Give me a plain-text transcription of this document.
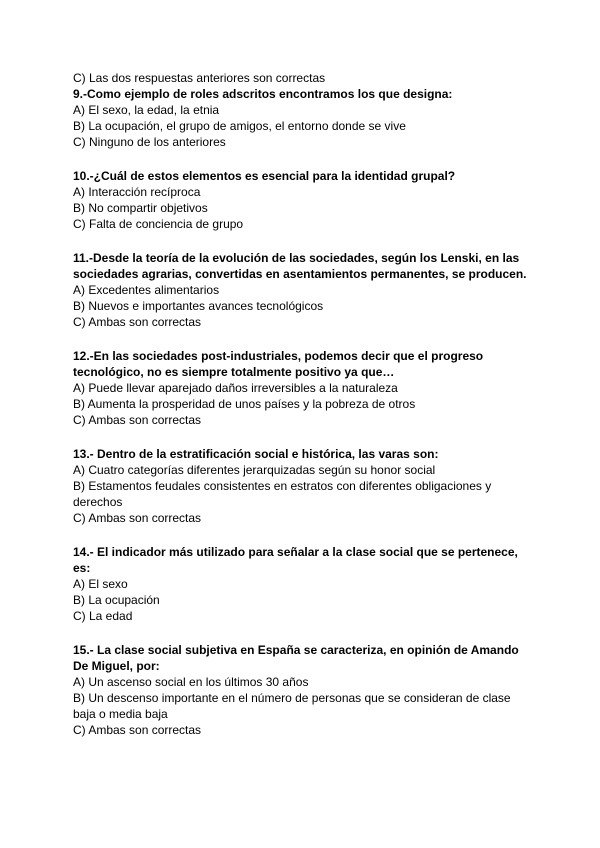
C) Las dos respuestas anteriores son correctas

9.-Como ejemplo de roles adscritos encontramos los que designa:

A) El sexo, la edad, la etnia

B) La ocupación, el grupo de amigos, el entorno donde se vive

C) Ninguno de los anteriores

10.-¿Cuál de estos elementos es esencial para la identidad grupal?

A) Interacción recíproca

B) No compartir objetivos

C) Falta de conciencia de grupo

11.-Desde la teoría de la evolución de las sociedades, según los Lenski, en las sociedades agrarias, convertidas en asentamientos permanentes, se producen.

A) Excedentes alimentarios

B) Nuevos e importantes avances tecnológicos

C) Ambas son correctas

12.-En las sociedades post-industriales, podemos decir que el progreso tecnológico, no es siempre totalmente positivo ya que…

A) Puede llevar aparejado daños irreversibles a la naturaleza

B) Aumenta la prosperidad de unos países y la pobreza de otros

C) Ambas son correctas

13.- Dentro de la estratificación social e histórica, las varas son:

A) Cuatro categorías diferentes jerarquizadas según su honor social

B) Estamentos feudales consistentes en estratos con diferentes obligaciones y derechos

C) Ambas son correctas

14.- El indicador más utilizado para señalar a la clase social que se pertenece, es:

A) El sexo

B) La ocupación

C) La edad

15.- La clase social subjetiva en España se caracteriza, en opinión de Amando De Miguel, por:

A) Un ascenso social en los últimos 30 años

B) Un descenso importante en el número de personas que se consideran de clase baja o media baja

C) Ambas son correctas
